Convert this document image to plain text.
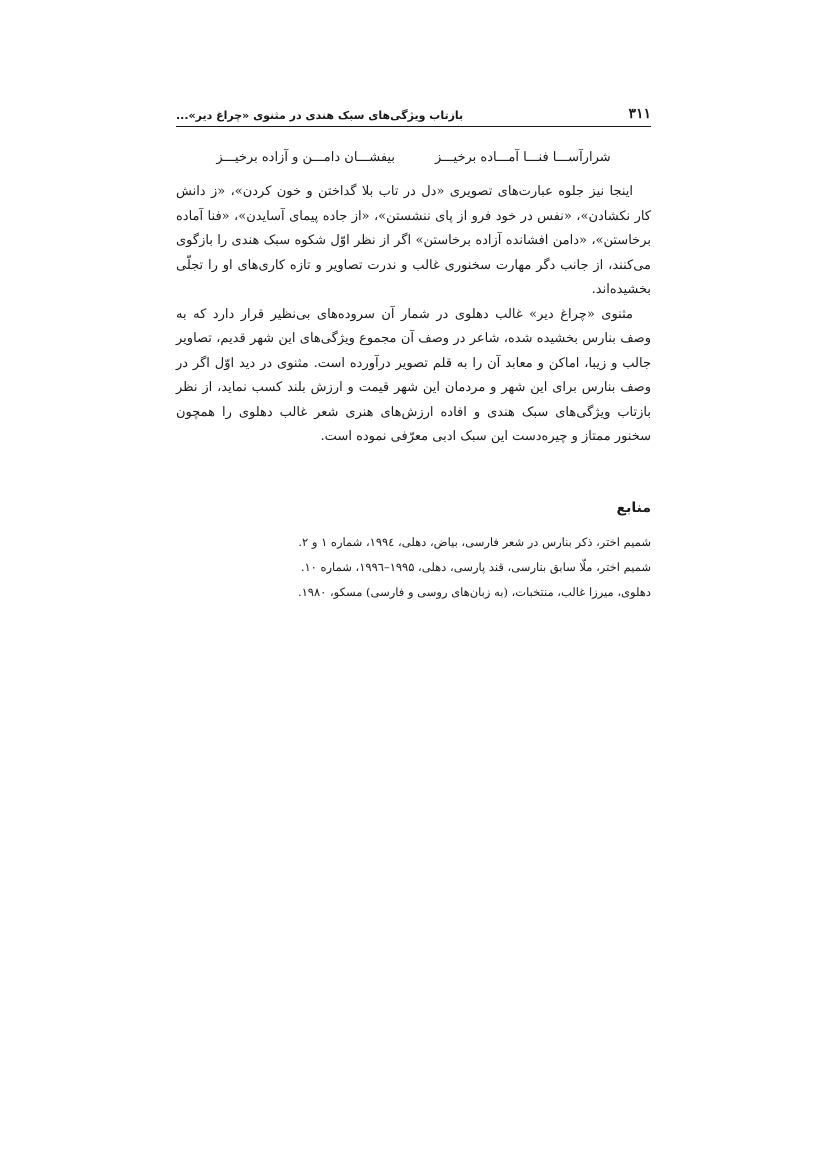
۳۱۱
بازتاب ویژگی‌های سبک هندی در مثنوی «چراغ دیر»...
شرارآســـا فنـــا آمـــاده برخیـــز
بیفشـــان دامـــن و آزاده برخیـــز

اینجا نیز جلوه عبارت‌های تصویری «دل در تاب بلا گداختن و خون کردن»، «ز دانش کار نکشادن»، «نفس در خود فرو از پای ننشستن»، «از جاده پیمای آسایدن»، «فنا آماده برخاستن»، «دامن افشانده آزاده برخاستن» اگر از نظر اوّل شکوه سبک هندی را بازگوی می‌کنند، از جانب دگر مهارت سخنوری غالب و ندرت تصاویر و تازه کاری‌های او را تجلّی بخشیده‌اند.

مثنوی «چراغ دیر» غالب دهلوی در شمار آن سروده‌های بی‌نظیر قرار دارد که به وصف بنارس بخشیده شده، شاعر در وصف آن مجموع ویژگی‌های این شهر قدیم، تصاویر جالب و زیبا، اماکن و معابد آن را به قلم تصویر درآورده است. مثنوی در دید اوّل اگر در وصف بنارس برای این شهر و مردمان این شهر قیمت و ارزش بلند کسب نماید، از نظر بازتاب ویژگی‌های سبک هندی و افاده ارزش‌های هنری شعر غالب دهلوی را همچون سخنور ممتاز و چیره‌دست این سبک ادبی معرّفی نموده است.

منابع
شمیم اختر، ذکر بنارس در شعر فارسی، بیاض، دهلی، ۱۹۹٤، شماره ۱ و ۲.
شمیم اختر، ملّا سابق بنارسی، قند پارسی، دهلی، ۱۹۹۵–۱۹۹٦، شماره ۱۰.
دهلوی، میرزا غالب، منتخبات، (به زبان‌های روسی و فارسی) مسکو، ۱۹۸۰.
